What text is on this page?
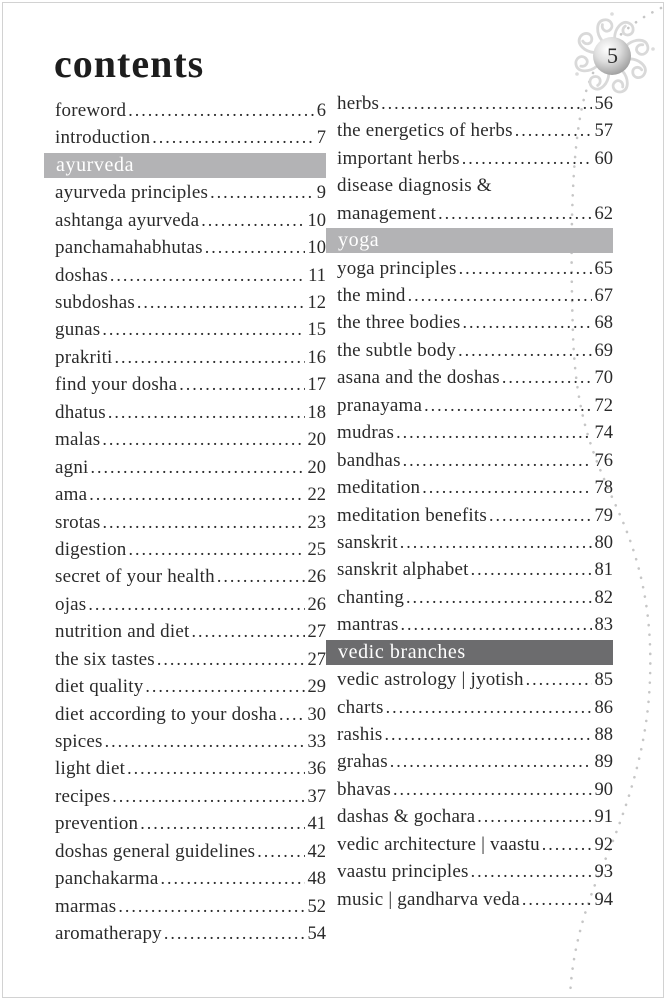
5
contents
foreword .....	6
introduction .....	7
ayurveda
ayurveda principles .....	9
ashtanga ayurveda .....	10
panchamahabhutas .....	10
doshas .....	11
subdoshas .....	12
gunas .....	15
prakriti .....	16
find your dosha .....	17
dhatus .....	18
malas .....	20
agni .....	20
ama .....	22
srotas .....	23
digestion .....	25
secret of your health .....	26
ojas .....	26
nutrition and diet .....	27
the six tastes .....	27
diet quality .....	29
diet according to your dosha ..... 30
spices .....	33
light diet .....	36
recipes .....	37
prevention .....	41
doshas general guidelines .....	42
panchakarma .....	48
marmas .....	52
aromatherapy .....	54
herbs .....	56
the energetics of herbs .....	57
important herbs .....	60
disease diagnosis &
management .....	62
yoga
yoga principles .....	65
the mind .....	67
the three bodies .....	68
the subtle body .....	69
asana and the doshas .....	70
pranayama .....	72
mudras .....	74
bandhas .....	76
meditation .....	78
meditation benefits .....	79
sanskrit .....	80
sanskrit alphabet .....	81
chanting .....	82
mantras .....	83
vedic branches
vedic astrology | jyotish .....	85
charts .....	86
rashis .....	88
grahas .....	89
bhavas .....	90
dashas & gochara .....	91
vedic architecture | vaastu .....	92
vaastu principles .....	93
music | gandharva veda .....	94
